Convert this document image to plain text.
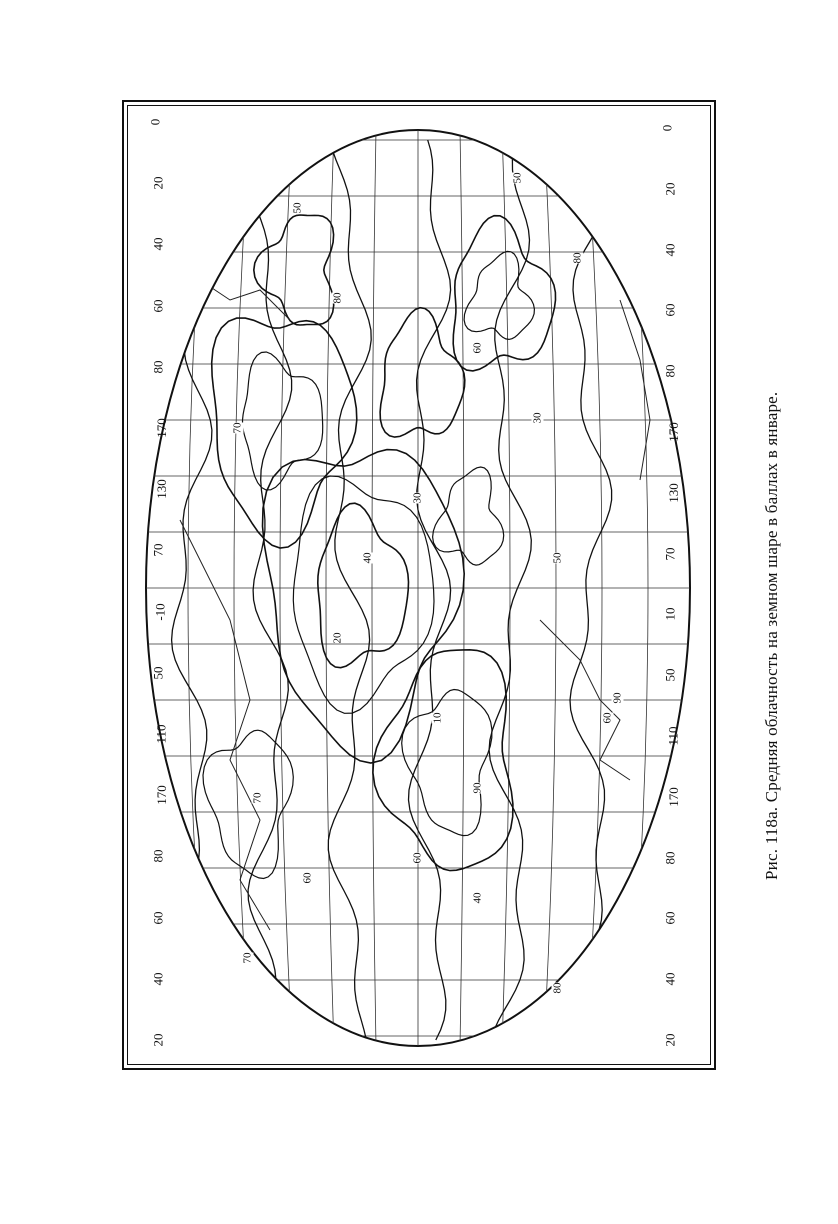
20
40
60
80
170
110
50
-10
70
130
170
80
60
40
20
0
20
40
60
80
170
110
50
10
70
130
170
80
60
40
20
0
50
70
80
60
40
30
20
10
90
50
60
70
60
40
30
80
50
60
70
80
90	Рис. 118а. Средняя облачность на земном шаре в баллах в январе.
